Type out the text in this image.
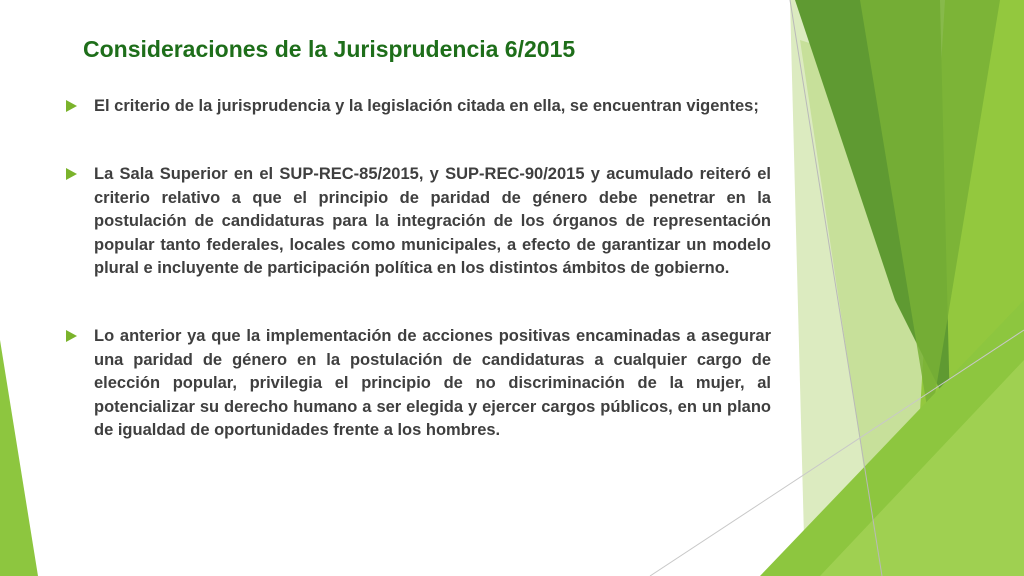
Consideraciones de la Jurisprudencia 6/2015
El criterio de la jurisprudencia y la legislación citada en ella, se encuentran vigentes;
La Sala Superior en el SUP-REC-85/2015, y SUP-REC-90/2015 y acumulado reiteró el criterio relativo a que el principio de paridad de género debe penetrar en la postulación de candidaturas para la integración de los órganos de representación popular tanto federales, locales como municipales, a efecto de garantizar un modelo plural e incluyente de participación política en los distintos ámbitos de gobierno.
Lo anterior ya que la implementación de acciones positivas encaminadas a asegurar una paridad de género en la postulación de candidaturas a cualquier cargo de elección popular, privilegia el principio de no discriminación de la mujer, al potencializar su derecho humano a ser elegida y ejercer cargos públicos, en un plano de igualdad de oportunidades frente a los hombres.
